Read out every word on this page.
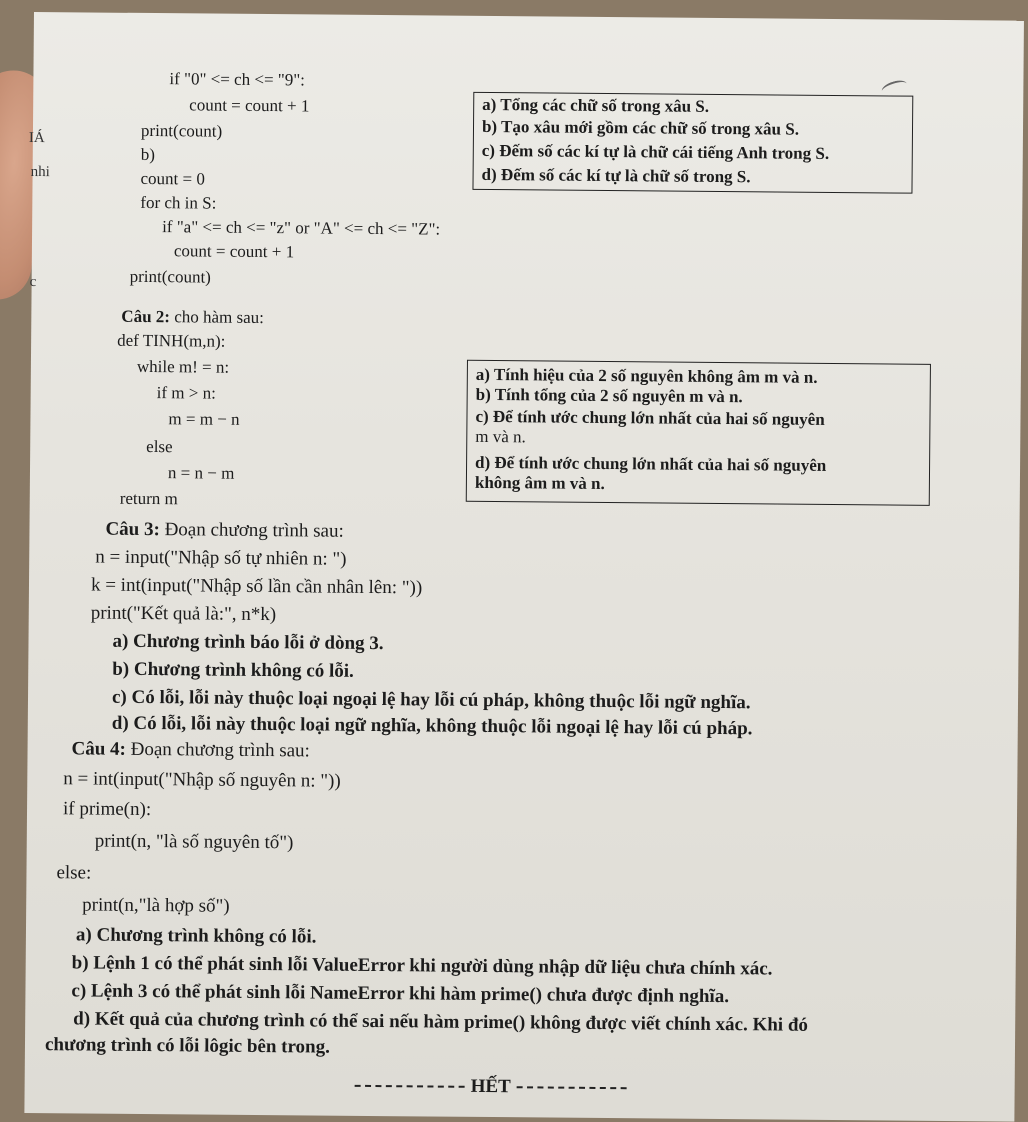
IÁ
nhi
c
if "0" <= ch <= "9":
count = count + 1
print(count)
b)
count = 0
for ch in S:
if "a" <= ch <= "z" or "A" <= ch <= "Z":
count = count + 1
print(count)
a) Tổng các chữ số trong xâu S.
b) Tạo xâu mới gồm các chữ số trong xâu S.
c) Đếm số các kí tự là chữ cái tiếng Anh trong S.
d) Đếm số các kí tự là chữ số trong S.
Câu 2: cho hàm sau:
def TINH(m,n):
while m! = n:
if m > n:
m = m − n
else
n = n − m
return m
a) Tính hiệu của 2 số nguyên không âm m và n.
b) Tính tổng của 2 số nguyên m và n.
c) Để tính ước chung lớn nhất của hai số nguyên
m và n.
d) Để tính ước chung lớn nhất của hai số nguyên
không âm m và n.
Câu 3: Đoạn chương trình sau:
n = input("Nhập số tự nhiên n: ")
k = int(input("Nhập số lần cần nhân lên: "))
print("Kết quả là:", n*k)
a) Chương trình báo lỗi ở dòng 3.
b) Chương trình không có lỗi.
c) Có lỗi, lỗi này thuộc loại ngoại lệ hay lỗi cú pháp, không thuộc lỗi ngữ nghĩa.
d) Có lỗi, lỗi này thuộc loại ngữ nghĩa, không thuộc lỗi ngoại lệ hay lỗi cú pháp.
Câu 4: Đoạn chương trình sau:
n = int(input("Nhập số nguyên n: "))
if prime(n):
print(n, "là số nguyên tố")
else:
print(n,"là hợp số")
a) Chương trình không có lỗi.
b) Lệnh 1 có thể phát sinh lỗi ValueError khi người dùng nhập dữ liệu chưa chính xác.
c) Lệnh 3 có thể phát sinh lỗi NameError khi hàm prime() chưa được định nghĩa.
d) Kết quả của chương trình có thể sai nếu hàm prime() không được viết chính xác. Khi đó
chương trình có lỗi lôgic bên trong.
HẾT
